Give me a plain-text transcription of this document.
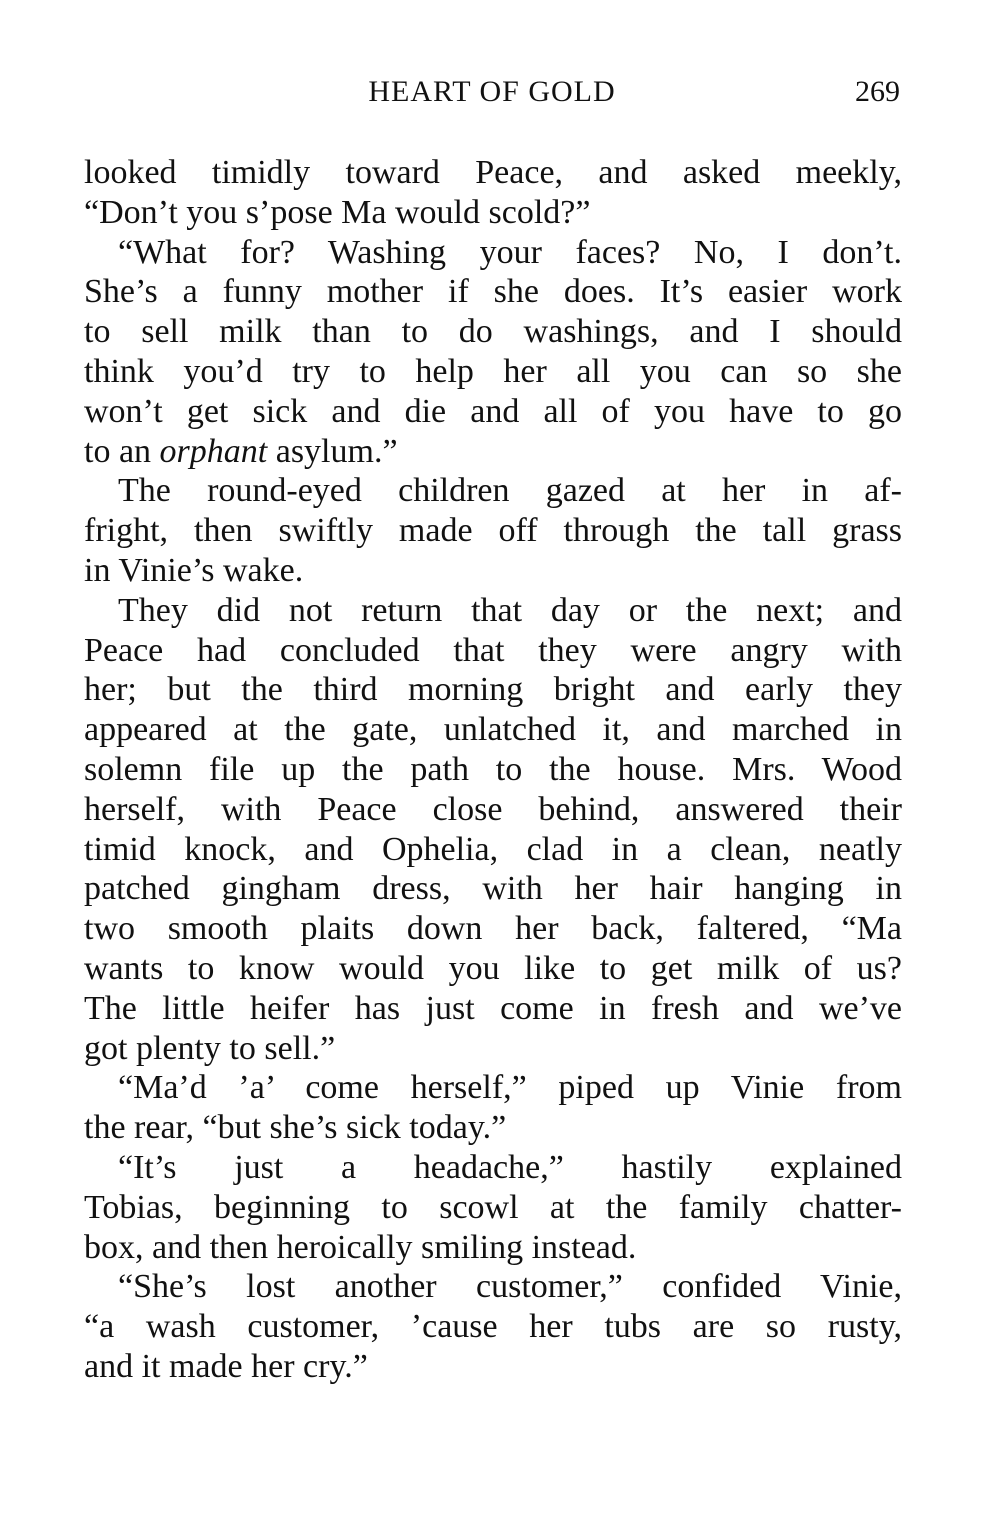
HEART OF GOLD	269

looked timidly toward Peace, and asked meekly,
“Don’t you s’pose Ma would scold?”

“What for? Washing your faces? No, I don’t.
She’s a funny mother if she does. It’s easier work
to sell milk than to do washings, and I should
think you’d try to help her all you can so she
won’t get sick and die and all of you have to go
to an orphant asylum.”

The round-eyed children gazed at her in af-
fright, then swiftly made off through the tall grass
in Vinie’s wake.

They did not return that day or the next; and
Peace had concluded that they were angry with
her; but the third morning bright and early they
appeared at the gate, unlatched it, and marched in
solemn file up the path to the house. Mrs. Wood
herself, with Peace close behind, answered their
timid knock, and Ophelia, clad in a clean, neatly
patched gingham dress, with her hair hanging in
two smooth plaits down her back, faltered, “Ma
wants to know would you like to get milk of us?
The little heifer has just come in fresh and we’ve
got plenty to sell.”

“Ma’d ’a’ come herself,” piped up Vinie from
the rear, “but she’s sick today.”

“It’s just a headache,” hastily explained
Tobias, beginning to scowl at the family chatter-
box, and then heroically smiling instead.

“She’s lost another customer,” confided Vinie,
“a wash customer, ’cause her tubs are so rusty,
and it made her cry.”
